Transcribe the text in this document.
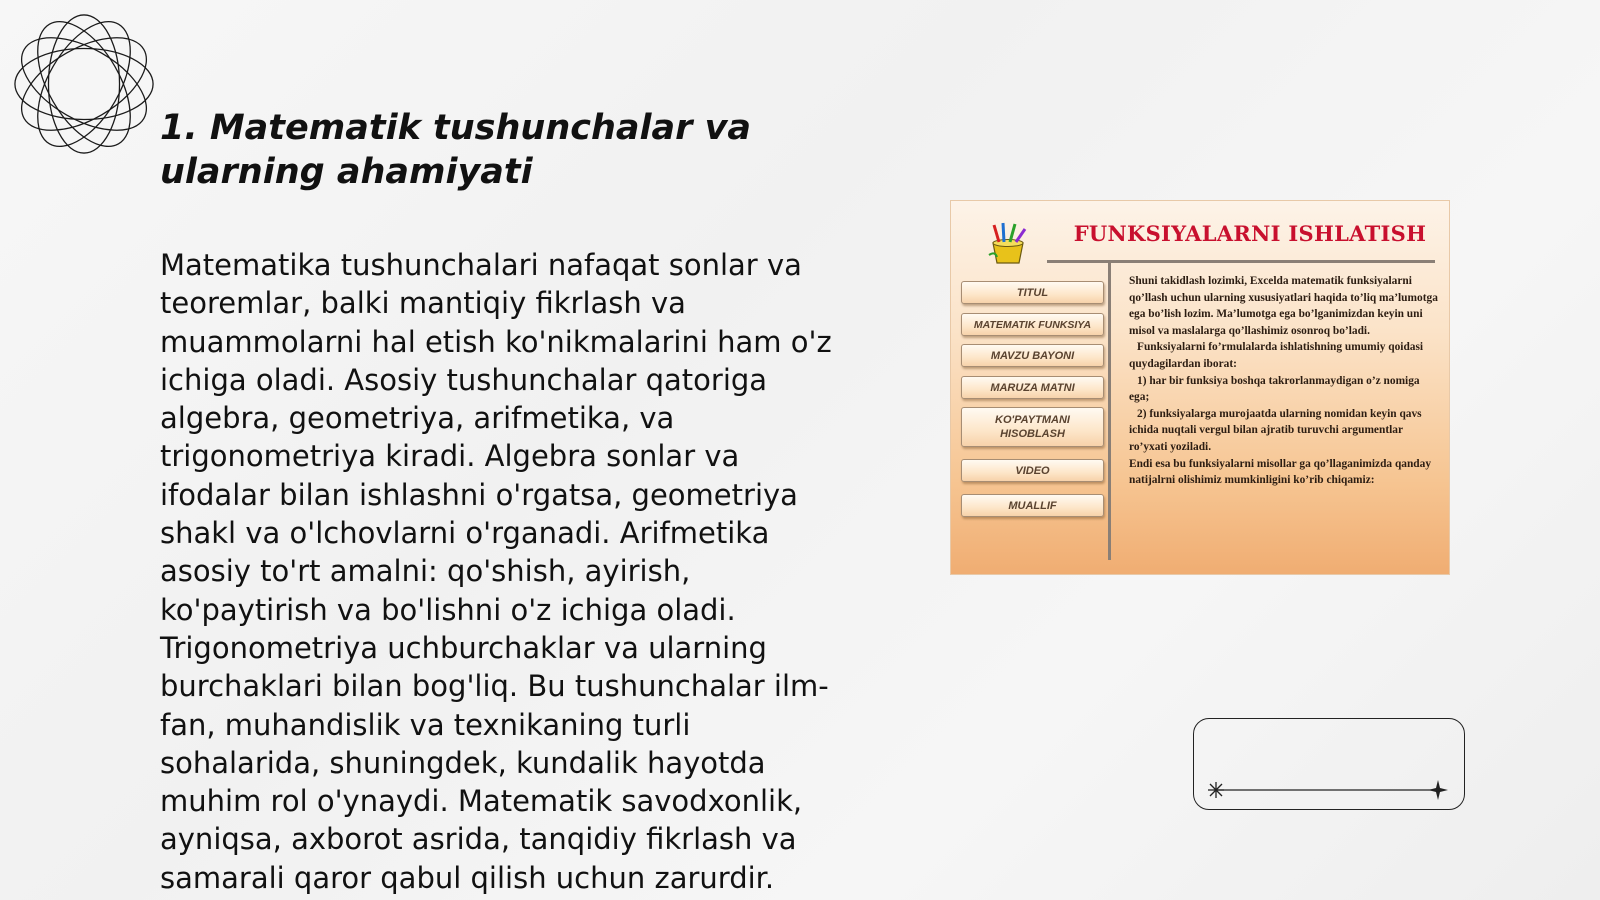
1. Matematik tushunchalar va ularning ahamiyati

Matematika tushunchalari nafaqat sonlar va teoremlar, balki mantiqiy fikrlash va muammolarni hal etish ko'nikmalarini ham o'z ichiga oladi. Asosiy tushunchalar qatoriga algebra, geometriya, arifmetika, va trigonometriya kiradi. Algebra sonlar va ifodalar bilan ishlashni o'rgatsa, geometriya shakl va o'lchovlarni o'rganadi. Arifmetika asosiy to'rt amalni: qo'shish, ayirish, ko'paytirish va bo'lishni o'z ichiga oladi. Trigonometriya uchburchaklar va ularning burchaklari bilan bog'liq. Bu tushunchalar ilm-fan, muhandislik va texnikaning turli sohalarida, shuningdek, kundalik hayotda muhim rol o'ynaydi. Matematik savodxonlik, ayniqsa, axborot asrida, tanqidiy fikrlash va samarali qaror qabul qilish uchun zarurdir.

FUNKSIYALARNI ISHLATISH
TITUL
MATEMATIK FUNKSIYA
MAVZU BAYONI
MARUZA MATNI
KO'PAYTMANI HISOBLASH
VIDEO
MUALLIF

Shuni takidlash lozimki, Excelda matematik funksiyalarni qo’llash uchun ularning xususiyatlari haqida to’liq ma’lumotga ega bo’lish lozim. Ma’lumotga ega bo’lganimizdan keyin uni misol va maslalarga qo’llashimiz osonroq bo’ladi.

Funksiyalarni fo’rmulalarda ishlatishning umumiy qoidasi quydagilardan iborat:

1) har bir funksiya boshqa takrorlanmaydigan o’z nomiga ega;

2) funksiyalarga murojaatda ularning nomidan keyin qavs ichida nuqtali vergul bilan ajratib turuvchi argumentlar ro’yxati yoziladi.

Endi esa bu funksiyalarni misollar ga qo’llaganimizda qanday natijalrni olishimiz mumkinligini ko’rib chiqamiz:
